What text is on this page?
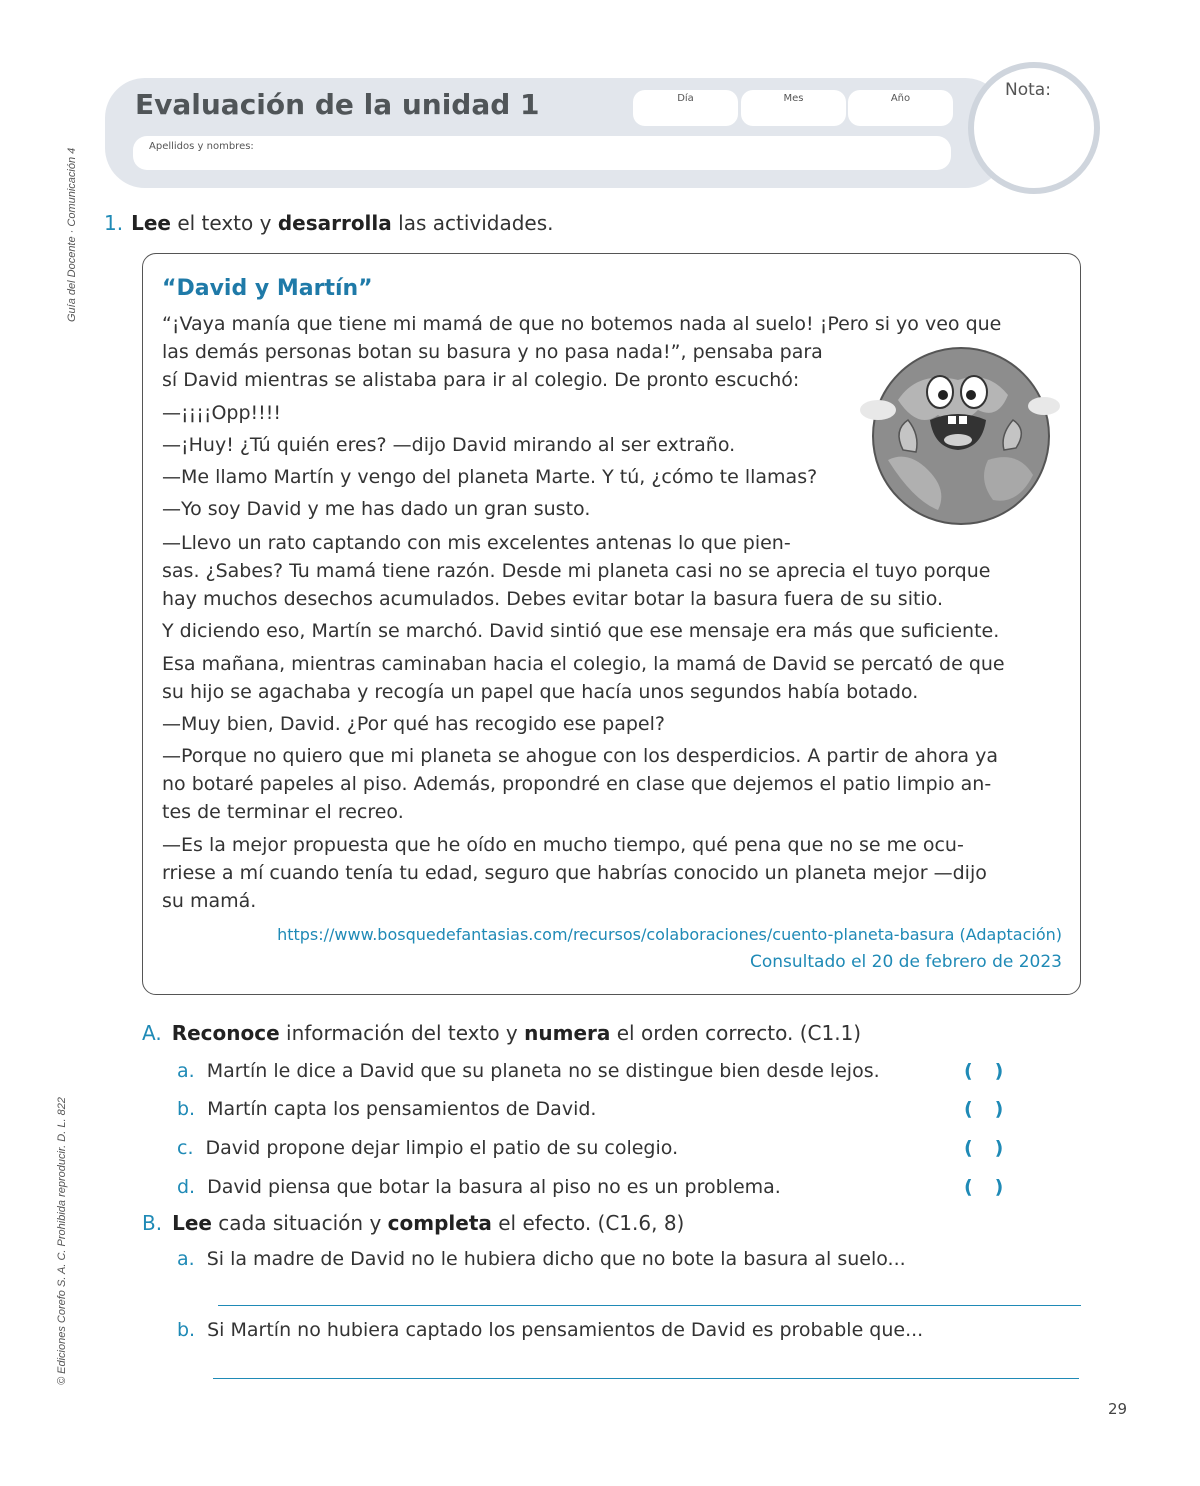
Guía del Docente · Comunicación 4
© Ediciones Corefo S. A. C. Prohibida reproducir. D. L. 822
Evaluación de la unidad 1	Día	Mes	Año
Apellidos y nombres:
Nota:
1. Lee el texto y desarrolla las actividades.
“David y Martín”
“¡Vaya manía que tiene mi mamá de que no botemos nada al suelo! ¡Pero si yo veo que
las demás personas botan su basura y no pasa nada!”, pensaba para
sí David mientras se alistaba para ir al colegio. De pronto escuchó:
—¡¡¡¡Opp!!!!
—¡Huy! ¿Tú quién eres? —dijo David mirando al ser extraño.
—Me llamo Martín y vengo del planeta Marte. Y tú, ¿cómo te llamas?
—Yo soy David y me has dado un gran susto.
—Llevo un rato captando con mis excelentes antenas lo que pien-
sas. ¿Sabes? Tu mamá tiene razón. Desde mi planeta casi no se aprecia el tuyo porque
hay muchos desechos acumulados. Debes evitar botar la basura fuera de su sitio.
Y diciendo eso, Martín se marchó. David sintió que ese mensaje era más que suficiente.
Esa mañana, mientras caminaban hacia el colegio, la mamá de David se percató de que
su hijo se agachaba y recogía un papel que hacía unos segundos había botado.
—Muy bien, David. ¿Por qué has recogido ese papel?
—Porque no quiero que mi planeta se ahogue con los desperdicios. A partir de ahora ya
no botaré papeles al piso. Además, propondré en clase que dejemos el patio limpio an-
tes de terminar el recreo.
—Es la mejor propuesta que he oído en mucho tiempo, qué pena que no se me ocu-
rriese a mí cuando tenía tu edad, seguro que habrías conocido un planeta mejor —dijo
su mamá.
https://www.bosquedefantasias.com/recursos/colaboraciones/cuento-planeta-basura (Adaptación)
Consultado el 20 de febrero de 2023
A. Reconoce información del texto y numera el orden correcto. (C1.1)
a. Martín le dice a David que su planeta no se distingue bien desde lejos.	()
b. Martín capta los pensamientos de David.	()
c. David propone dejar limpio el patio de su colegio.	()
d. David piensa que botar la basura al piso no es un problema.	()
B. Lee cada situación y completa el efecto. (C1.6, 8)
a. Si la madre de David no le hubiera dicho que no bote la basura al suelo...
b. Si Martín no hubiera captado los pensamientos de David es probable que...
29
